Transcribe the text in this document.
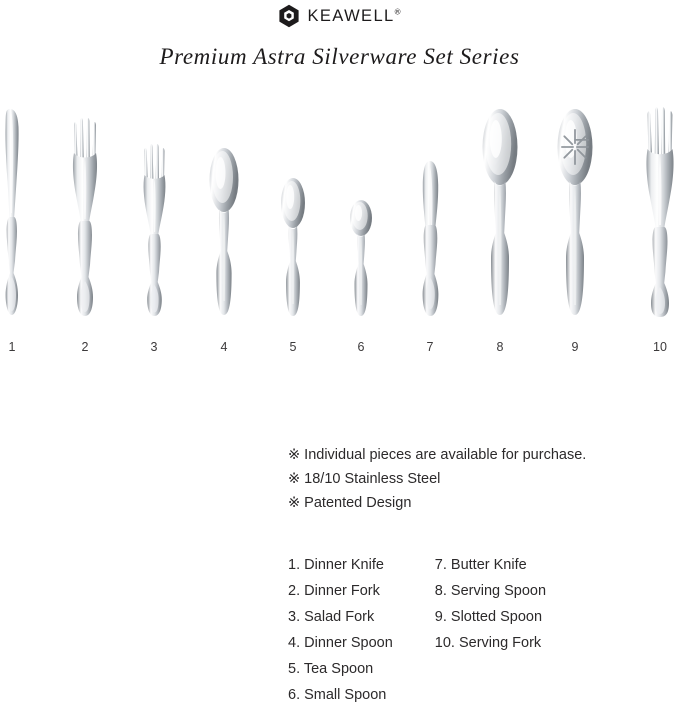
KEAWELL®
Premium Astra Silverware Set Series
1	2	3	4	5	6	7	8	9	10
※ Individual pieces are available for purchase.
※ 18/10 Stainless Steel
※ Patented Design
1. Dinner Knife
2. Dinner Fork
3. Salad Fork
4. Dinner Spoon
5. Tea Spoon
6. Small Spoon
7. Butter Knife
8. Serving Spoon
9. Slotted Spoon
10. Serving Fork
